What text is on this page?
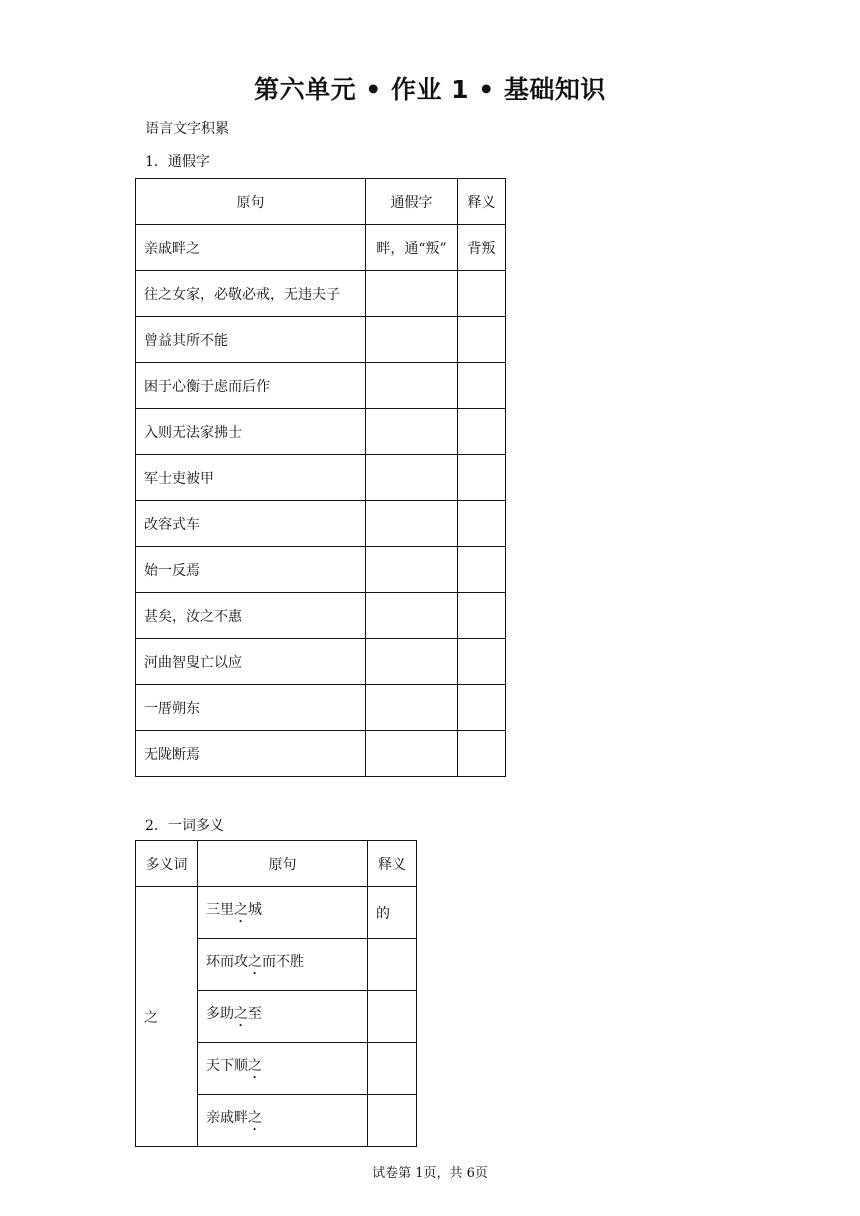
第六单元 • 作业 1 • 基础知识
语言文字积累
1．通假字
原句	通假字	释义
亲戚畔之	畔，通“叛”	背叛
往之女家，必敬必戒，无违夫子		
曾益其所不能		
困于心衡于虑而后作		
入则无法家拂士		
军士吏被甲		
改容式车		
始一反焉		
甚矣，汝之不惠		
河曲智叟亡以应		
一厝朔东		
无陇断焉		
2．一词多义
多义词	原句	释义
之	三里之城	的
	环而攻之而不胜	
	多助之至	
	天下顺之	
	亲戚畔之	
试卷第 1页，共 6页
